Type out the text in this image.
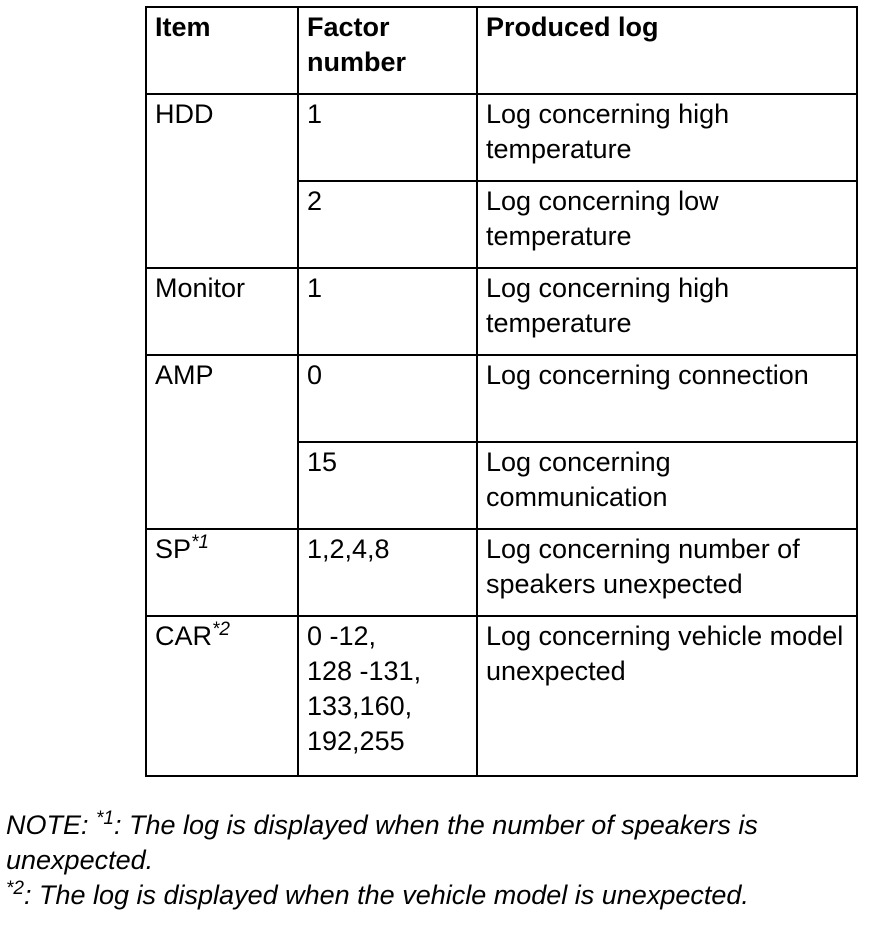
Item	Factor number	Produced log
HDD	1	Log concerning high temperature
	2	Log concerning low temperature
Monitor	1	Log concerning high temperature
AMP	0	Log concerning connection
	15	Log concerning communication
SP$^{*1}$	1,2,4,8	Log concerning number of speakers unexpected
CAR$^{*2}$	0 -12,
128 -131,
133,160,
192,255	Log concerning vehicle model unexpected
NOTE: $^{*1}$: The log is displayed when the number of speakers is
unexpected.
$^{*2}$: The log is displayed when the vehicle model is unexpected.
